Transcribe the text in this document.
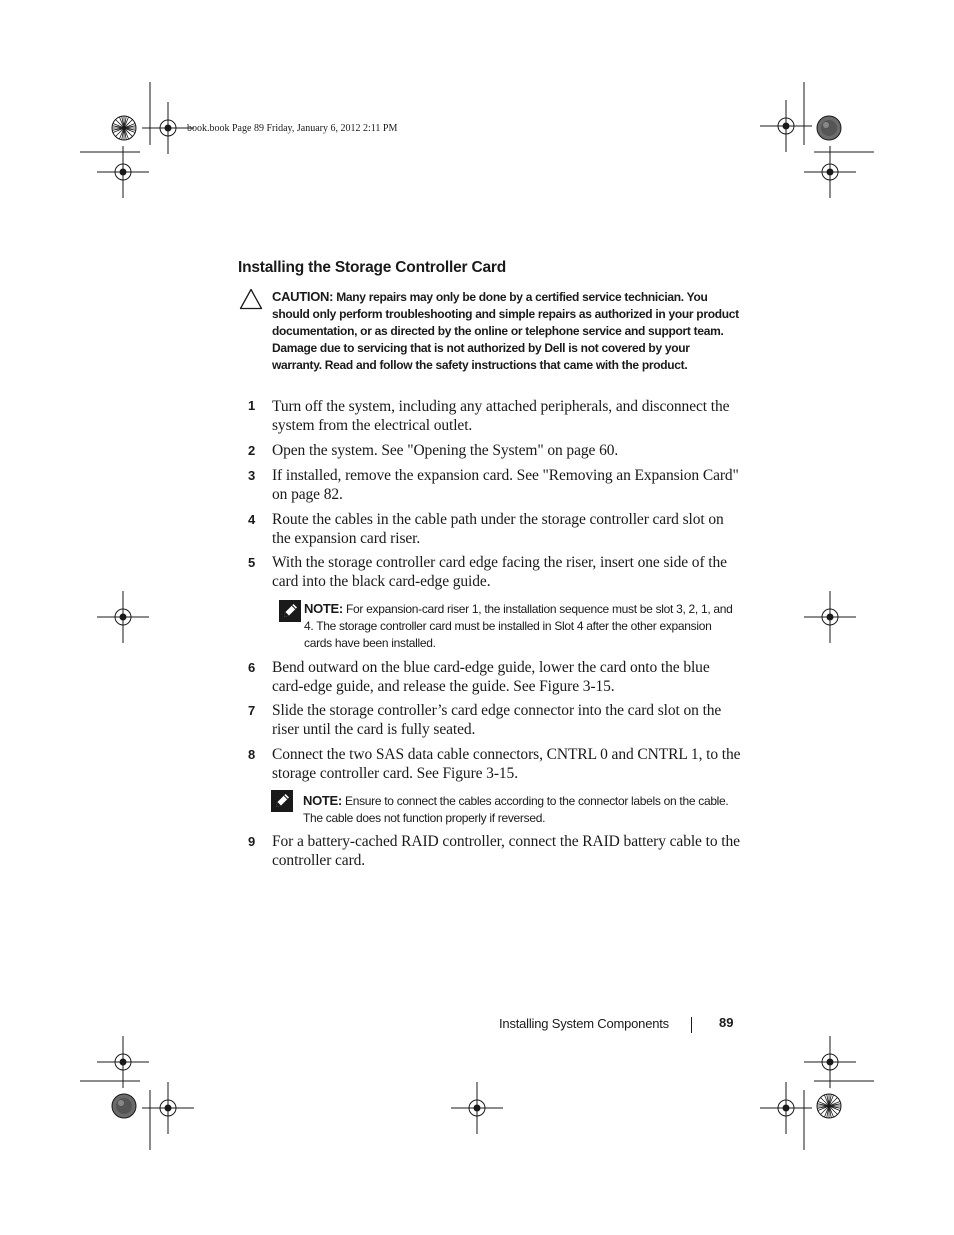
book.book Page 89 Friday, January 6, 2012 2:11 PM
Installing the Storage Controller Card
CAUTION: Many repairs may only be done by a certified service technician. You should only perform troubleshooting and simple repairs as authorized in your product documentation, or as directed by the online or telephone service and support team. Damage due to servicing that is not authorized by Dell is not covered by your warranty. Read and follow the safety instructions that came with the product.
1	Turn off the system, including any attached peripherals, and disconnect the system from the electrical outlet.
2	Open the system. See "Opening the System" on page 60.
3	If installed, remove the expansion card. See "Removing an Expansion Card" on page 82.
4	Route the cables in the cable path under the storage controller card slot on the expansion card riser.
5	With the storage controller card edge facing the riser, insert one side of the card into the black card-edge guide.
NOTE: For expansion-card riser 1, the installation sequence must be slot 3, 2, 1, and 4. The storage controller card must be installed in Slot 4 after the other expansion cards have been installed.
6	Bend outward on the blue card-edge guide, lower the card onto the blue card-edge guide, and release the guide. See Figure 3-15.
7	Slide the storage controller’s card edge connector into the card slot on the riser until the card is fully seated.
8	Connect the two SAS data cable connectors, CNTRL 0 and CNTRL 1, to the storage controller card. See Figure 3-15.
NOTE: Ensure to connect the cables according to the connector labels on the cable. The cable does not function properly if reversed.
9	For a battery-cached RAID controller, connect the RAID battery cable to the controller card.
Installing System Components	89
